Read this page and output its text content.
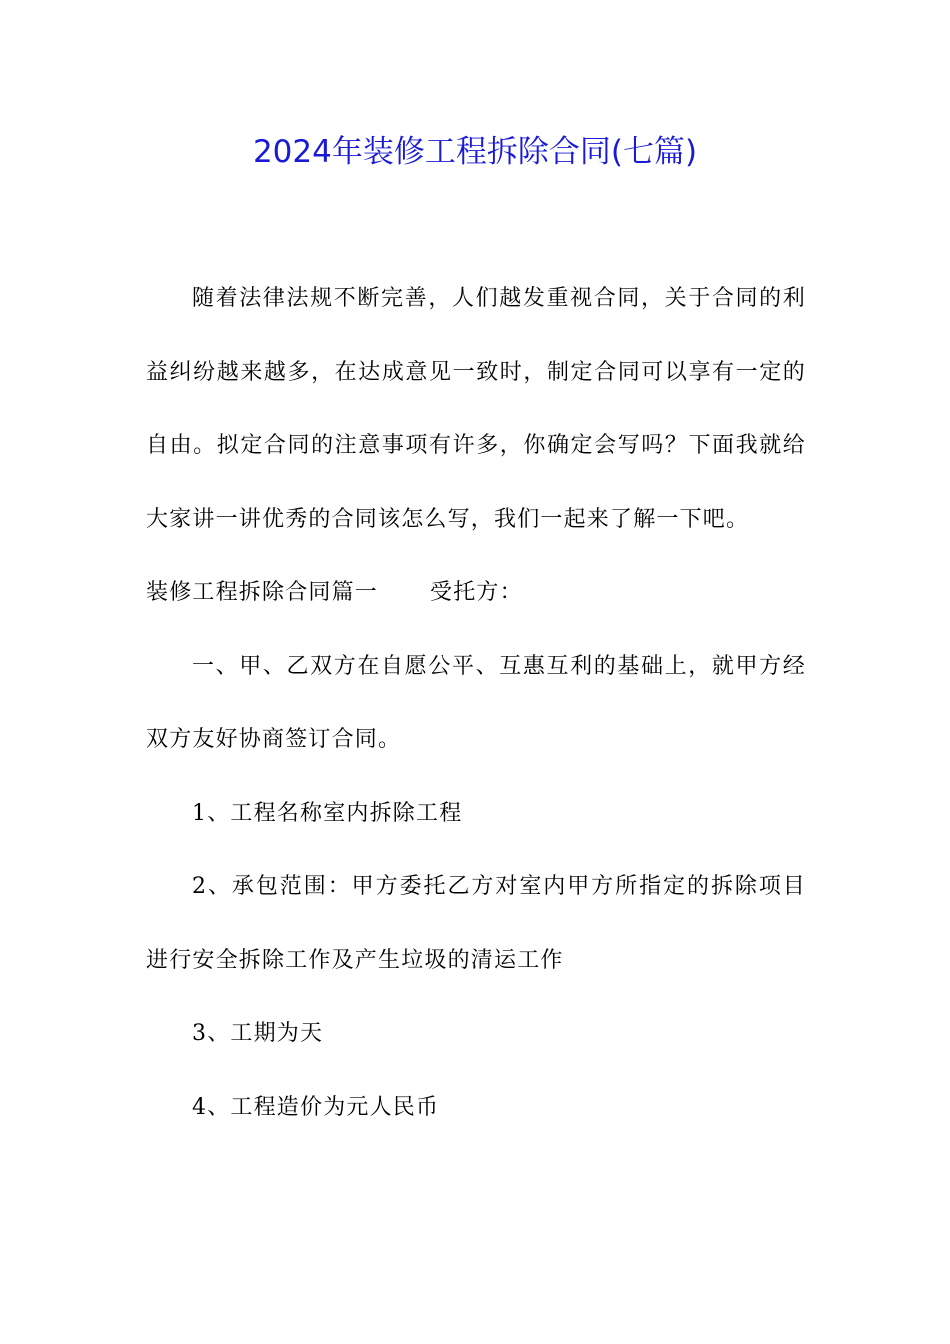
2024年装修工程拆除合同(七篇)

随着法律法规不断完善，人们越发重视合同，关于合同的利益纠纷越来越多，在达成意见一致时，制定合同可以享有一定的自由。拟定合同的注意事项有许多，你确定会写吗？下面我就给大家讲一讲优秀的合同该怎么写，我们一起来了解一下吧。

装修工程拆除合同篇一 受托方：

一、甲、乙双方在自愿公平、互惠互利的基础上，就甲方经双方友好协商签订合同。

1、工程名称室内拆除工程

2、承包范围：甲方委托乙方对室内甲方所指定的拆除项目进行安全拆除工作及产生垃圾的清运工作

3、工期为天

4、工程造价为元人民币
